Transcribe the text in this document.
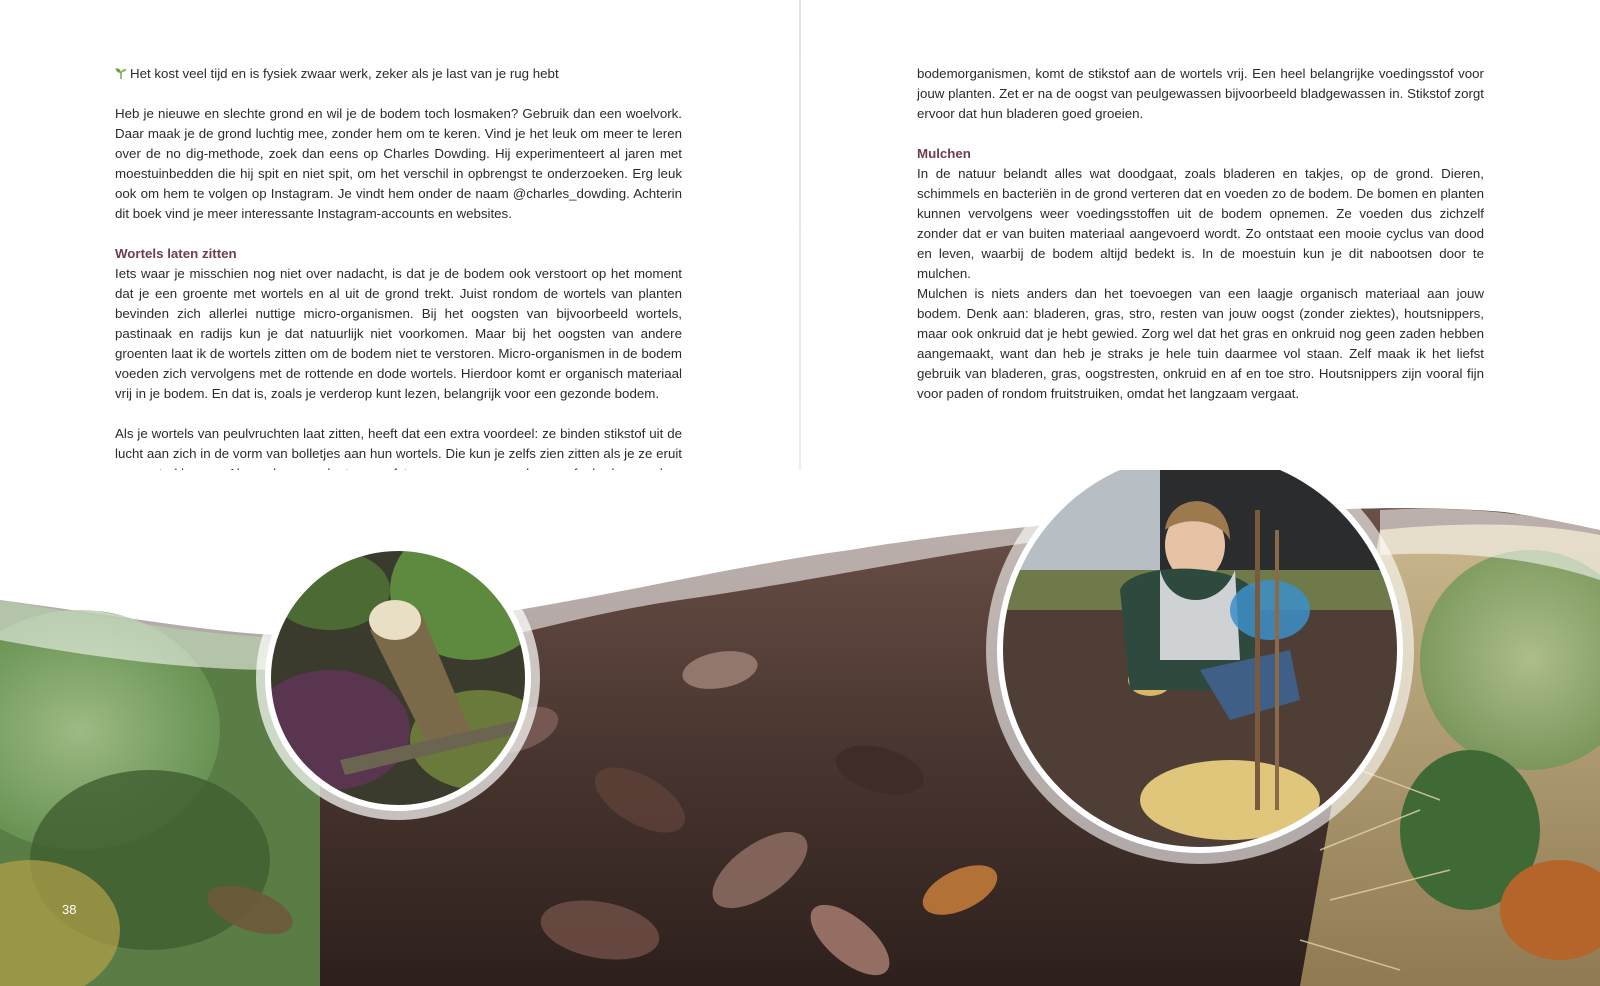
Het kost veel tijd en is fysiek zwaar werk, zeker als je last van je rug hebt

Heb je nieuwe en slechte grond en wil je de bodem toch losmaken? Gebruik dan een woelvork. Daar maak je de grond luchtig mee, zonder hem om te keren. Vind je het leuk om meer te leren over de no dig-methode, zoek dan eens op Charles Dowding. Hij experimenteert al jaren met moestuinbedden die hij spit en niet spit, om het verschil in opbrengst te onderzoeken. Erg leuk ook om hem te volgen op Instagram. Je vindt hem onder de naam @charles_dowding. Achterin dit boek vind je meer interessante Instagram-accounts en websites.

Wortels laten zitten

Iets waar je misschien nog niet over nadacht, is dat je de bodem ook verstoort op het moment dat je een groente met wortels en al uit de grond trekt. Juist rondom de wortels van planten bevinden zich allerlei nuttige micro-organismen. Bij het oogsten van bijvoorbeeld wortels, pastinaak en radijs kun je dat natuurlijk niet voorkomen. Maar bij het oogsten van andere groenten laat ik de wortels zitten om de bodem niet te verstoren. Micro-organismen in de bodem voeden zich vervolgens met de rottende en dode wortels. Hierdoor komt er organisch materiaal vrij in je bodem. En dat is, zoals je verderop kunt lezen, belangrijk voor een gezonde bodem.

Als je wortels van peulvruchten laat zitten, heeft dat een extra voordeel: ze binden stikstof uit de lucht aan zich in de vorm van bolletjes aan hun wortels. Die kun je zelfs zien zitten als je ze eruit

bodemorganismen, komt de stikstof aan de wortels vrij. Een heel belangrijke voedingsstof voor jouw planten. Zet er na de oogst van peulgewassen bijvoorbeeld bladgewassen in. Stikstof zorgt ervoor dat hun bladeren goed groeien.

Mulchen

In de natuur belandt alles wat doodgaat, zoals bladeren en takjes, op de grond. Dieren, schimmels en bacteriën in de grond verteren dat en voeden zo de bodem. De bomen en planten kunnen vervolgens weer voedingsstoffen uit de bodem opnemen. Ze voeden dus zichzelf zonder dat er van buiten materiaal aangevoerd wordt. Zo ontstaat een mooie cyclus van dood en leven, waarbij de bodem altijd bedekt is. In de moestuin kun je dit nabootsen door te mulchen.

Mulchen is niets anders dan het toevoegen van een laagje organisch materiaal aan jouw bodem. Denk aan: bladeren, gras, stro, resten van jouw oogst (zonder ziektes), houtsnippers, maar ook onkruid dat je hebt gewied. Zorg wel dat het gras en onkruid nog geen zaden hebben aangemaakt, want dan heb je straks je hele tuin daarmee vol staan. Zelf maak ik het liefst gebruik van bladeren, gras, oogstresten, onkruid en af en toe stro. Houtsnippers zijn vooral fijn voor paden of rondom fruitstruiken, omdat het langzaam vergaat.

38
